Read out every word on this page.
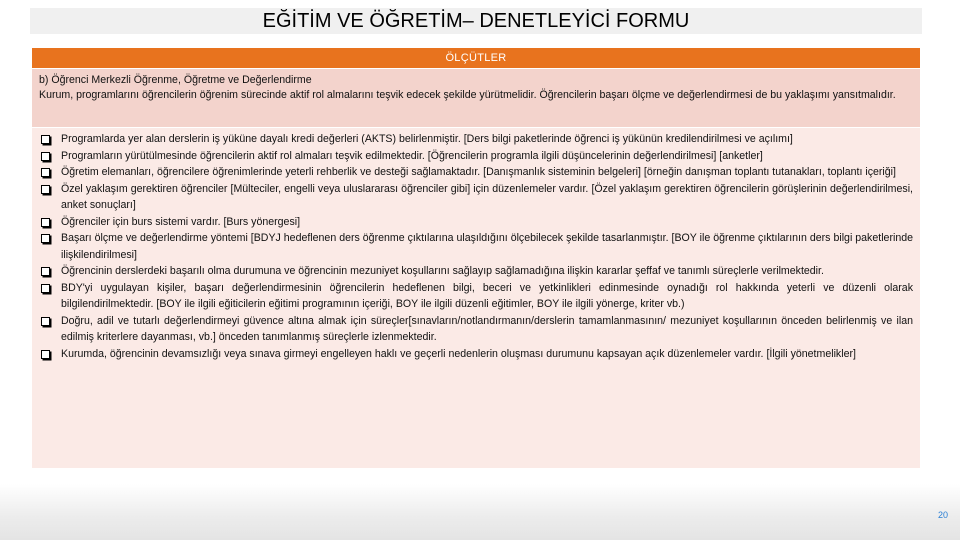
EĞİTİM VE ÖĞRETİM– DENETLEYİCİ FORMU
ÖLÇÜTLER
b) Öğrenci Merkezli Öğrenme, Öğretme ve Değerlendirme
Kurum, programlarını öğrencilerin öğrenim sürecinde aktif rol almalarını teşvik edecek şekilde yürütmelidir. Öğrencilerin başarı ölçme ve değerlendirmesi de bu yaklaşımı yansıtmalıdır.
Programlarda yer alan derslerin iş yüküne dayalı kredi değerleri (AKTS) belirlenmiştir. [Ders bilgi paketlerinde öğrenci iş yükünün kredilendirilmesi ve açılımı]
Programların yürütülmesinde öğrencilerin aktif rol almaları teşvik edilmektedir. [Öğrencilerin programla ilgili düşüncelerinin değerlendirilmesi] [anketler]
Öğretim elemanları, öğrencilere öğrenimlerinde yeterli rehberlik ve desteği sağlamaktadır. [Danışmanlık sisteminin belgeleri] [örneğin danışman toplantı tutanakları, toplantı içeriği]
Özel yaklaşım gerektiren öğrenciler [Mülteciler, engelli veya uluslararası öğrenciler gibi] için düzenlemeler vardır. [Özel yaklaşım gerektiren öğrencilerin görüşlerinin değerlendirilmesi, anket sonuçları]
Öğrenciler için burs sistemi vardır. [Burs yönergesi]
Başarı ölçme ve değerlendirme yöntemi [BDYJ hedeflenen ders öğrenme çıktılarına ulaşıldığını ölçebilecek şekilde tasarlanmıştır. [BOY ile öğrenme çıktılarının ders bilgi paketlerinde ilişkilendirilmesi]
Öğrencinin derslerdeki başarılı olma durumuna ve öğrencinin mezuniyet koşullarını sağlayıp sağlamadığına ilişkin kararlar şeffaf ve tanımlı süreçlerle verilmektedir.
BDY'yi uygulayan kişiler, başarı değerlendirmesinin öğrencilerin hedeflenen bilgi, beceri ve yetkinlikleri edinmesinde oynadığı rol hakkında yeterli ve düzenli olarak bilgilendirilmektedir. [BOY ile ilgili eğiticilerin eğitimi programının içeriği, BOY ile ilgili düzenli eğitimler, BOY ile ilgili yönerge, kriter vb.)
Doğru, adil ve tutarlı değerlendirmeyi güvence altına almak için süreçler[sınavların/notlandırmanın/derslerin tamamlanmasının/ mezuniyet koşullarının önceden belirlenmiş ve ilan edilmiş kriterlere dayanması, vb.] önceden tanımlanmış süreçlerle izlenmektedir.
Kurumda, öğrencinin devamsızlığı veya sınava girmeyi engelleyen haklı ve geçerli nedenlerin oluşması durumunu kapsayan açık düzenlemeler vardır. [İlgili yönetmelikler]
20
